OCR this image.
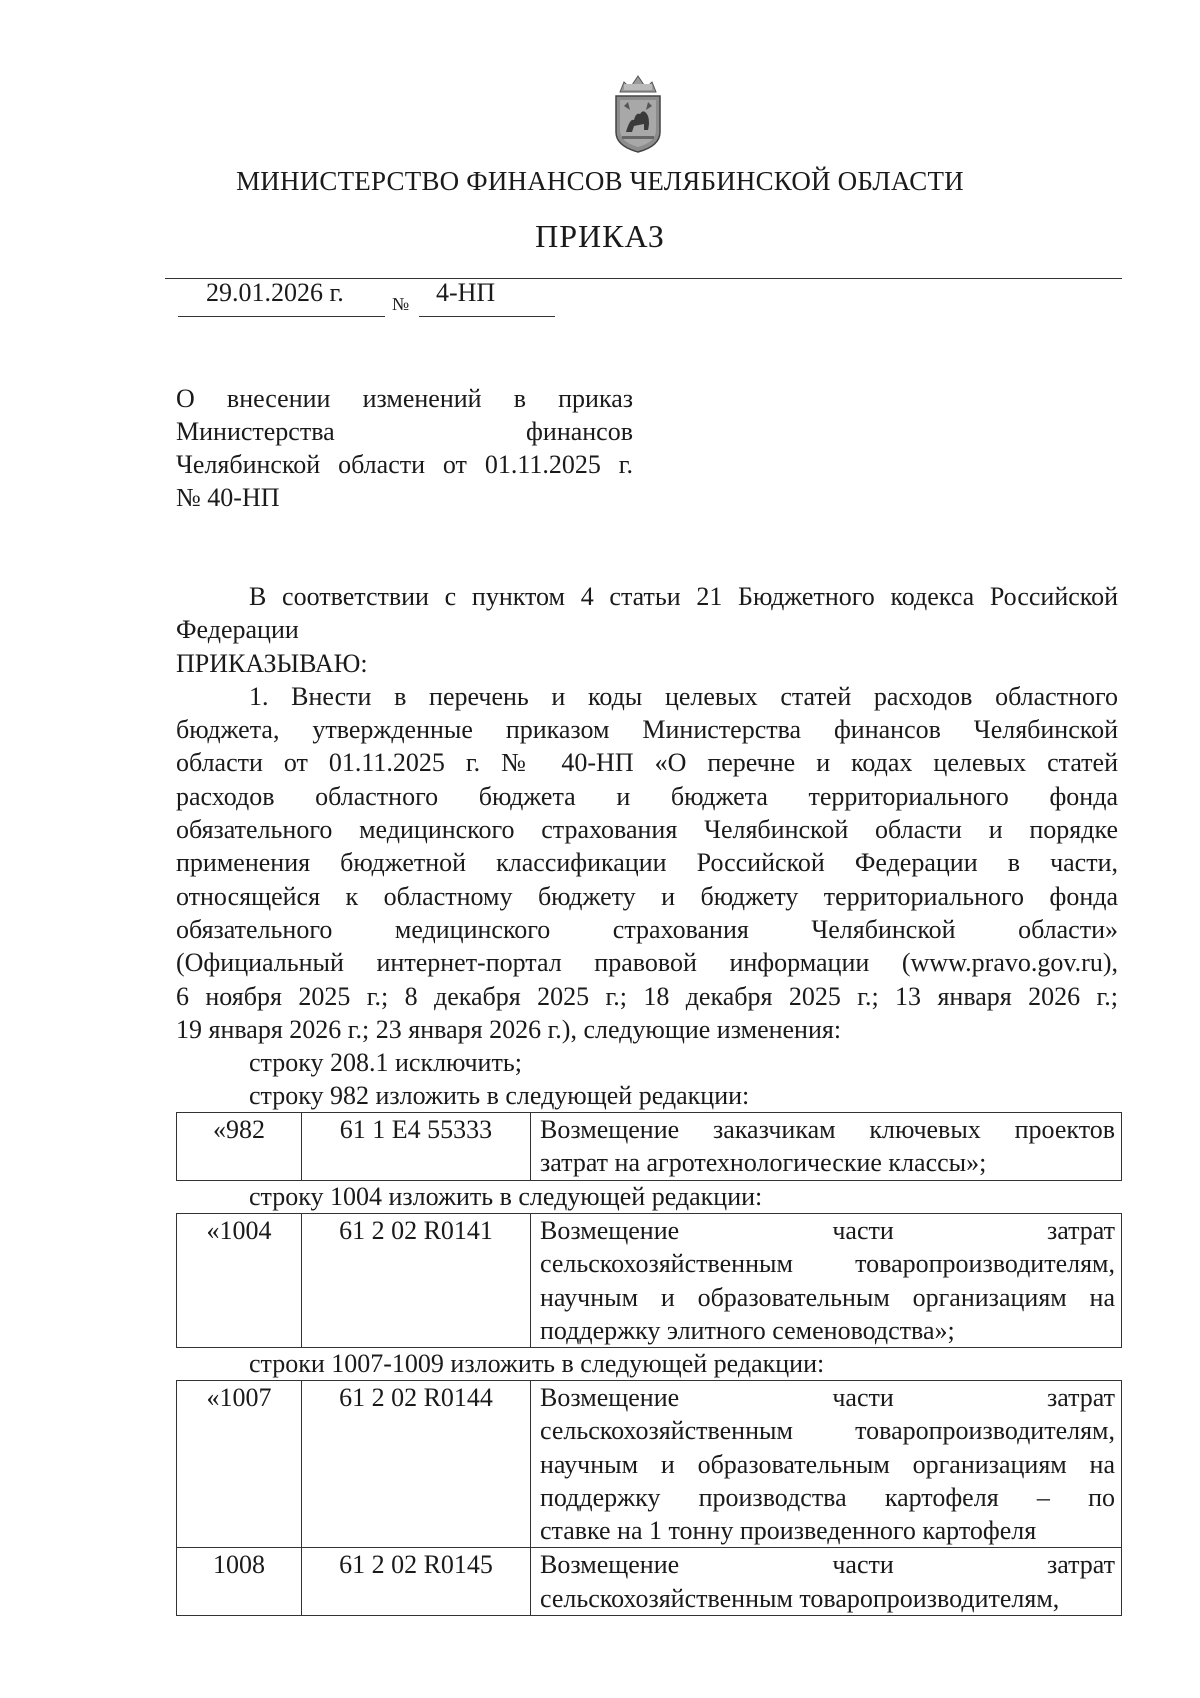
МИНИСТЕРСТВО ФИНАНСОВ ЧЕЛЯБИНСКОЙ ОБЛАСТИ
ПРИКАЗ
29.01.2026 г.	№ 4-НП
О внесении изменений в приказ
Министерства финансов
Челябинской области от 01.11.2025 г.
№ 40-НП
В соответствии с пунктом 4 статьи 21 Бюджетного кодекса Российской
Федерации
ПРИКАЗЫВАЮ:
1. Внести в перечень и коды целевых статей расходов областного
бюджета, утвержденные приказом Министерства финансов Челябинской
области от 01.11.2025 г. № 40-НП «О перечне и кодах целевых статей
расходов областного бюджета и бюджета территориального фонда
обязательного медицинского страхования Челябинской области и порядке
применения бюджетной классификации Российской Федерации в части,
относящейся к областному бюджету и бюджету территориального фонда
обязательного медицинского страхования Челябинской области»
(Официальный интернет-портал правовой информации (www.pravo.gov.ru),
6 ноября 2025 г.; 8 декабря 2025 г.; 18 декабря 2025 г.; 13 января 2026 г.;
19 января 2026 г.; 23 января 2026 г.), следующие изменения:
строку 208.1 исключить;
строку 982 изложить в следующей редакции:
«982	61 1 Е4 55333	Возмещение заказчикам ключевых проектов
затрат на агротехнологические классы»;
строку 1004 изложить в следующей редакции:
«1004	61 2 02 R0141	Возмещение части затрат
сельскохозяйственным товаропроизводителям,
научным и образовательным организациям на
поддержку элитного семеноводства»;
строки 1007-1009 изложить в следующей редакции:
«1007	61 2 02 R0144	Возмещение части затрат
сельскохозяйственным товаропроизводителям,
научным и образовательным организациям на
поддержку производства картофеля – по
ставке на 1 тонну произведенного картофеля

1008	61 2 02 R0145	Возмещение части затрат
сельскохозяйственным товаропроизводителям,
